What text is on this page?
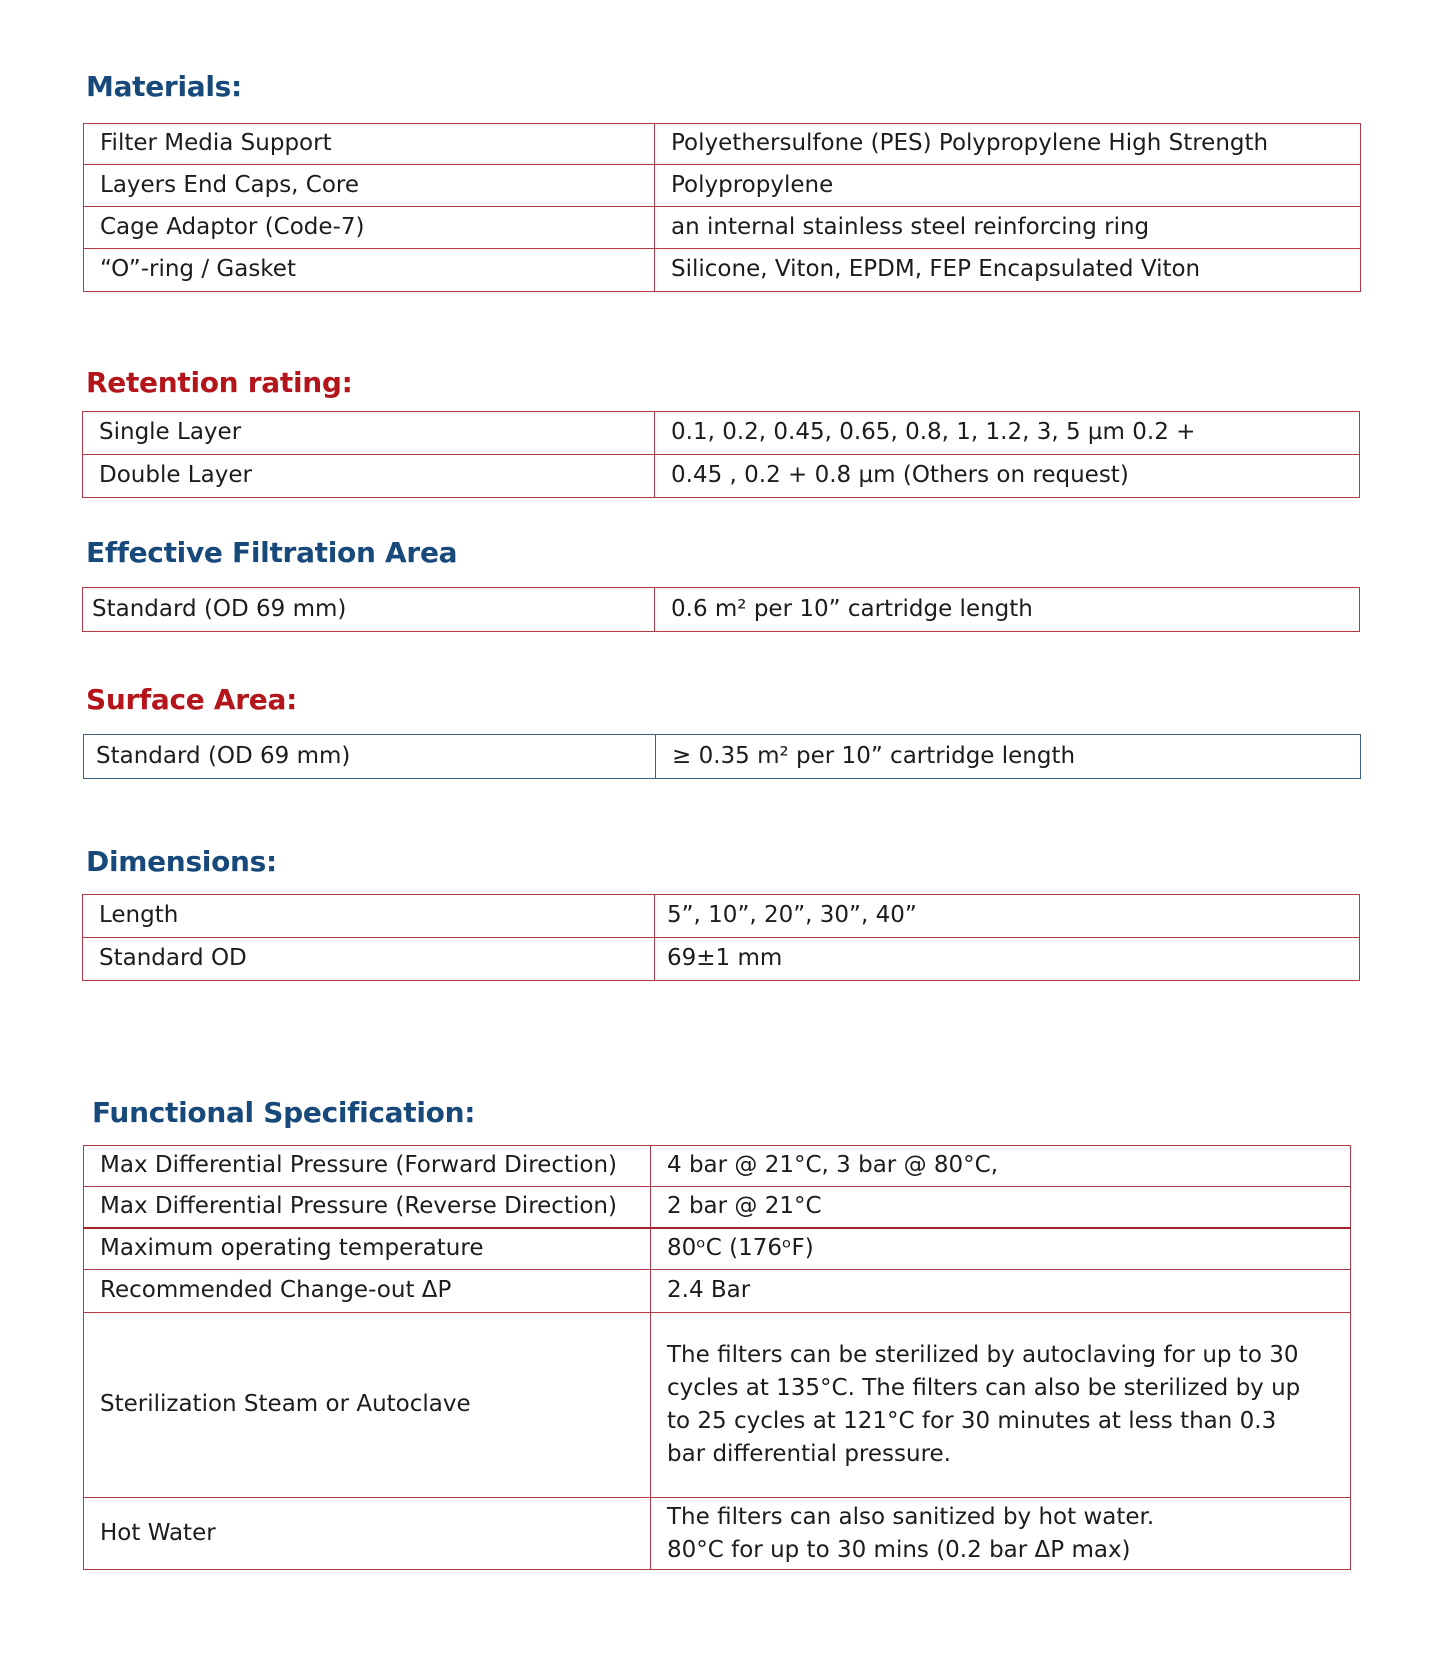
Materials:
Filter Media Support	Polyethersulfone (PES) Polypropylene High Strength
Layers End Caps, Core	Polypropylene
Cage Adaptor (Code-7)	an internal stainless steel reinforcing ring
“O”-ring / Gasket	Silicone, Viton, EPDM, FEP Encapsulated Viton
Retention rating:
Single Layer	0.1, 0.2, 0.45, 0.65, 0.8, 1, 1.2, 3, 5 µm 0.2 +
Double Layer	0.45 , 0.2 + 0.8 µm (Others on request)
Effective Filtration Area
Standard (OD 69 mm)	0.6 m² per 10” cartridge length
Surface Area:
Standard (OD 69 mm)	≥ 0.35 m² per 10” cartridge length
Dimensions:
Length	5”, 10”, 20”, 30”, 40”
Standard OD	69±1 mm
Functional Specification:
Max Differential Pressure (Forward Direction)	4 bar @ 21°C, 3 bar @ 80°C,
Max Differential Pressure (Reverse Direction)	2 bar @ 21°C
Maximum operating temperature	80ᵒC (176ᵒF)
Recommended Change-out ΔP	2.4 Bar
Sterilization Steam or Autoclave	The filters can be sterilized by autoclaving for up to 30 cycles at 135°C. The filters can also be sterilized by up to 25 cycles at 121°C for 30 minutes at less than 0.3 bar differential pressure.
Hot Water	The filters can also sanitized by hot water.
80°C for up to 30 mins (0.2 bar ΔP max)
